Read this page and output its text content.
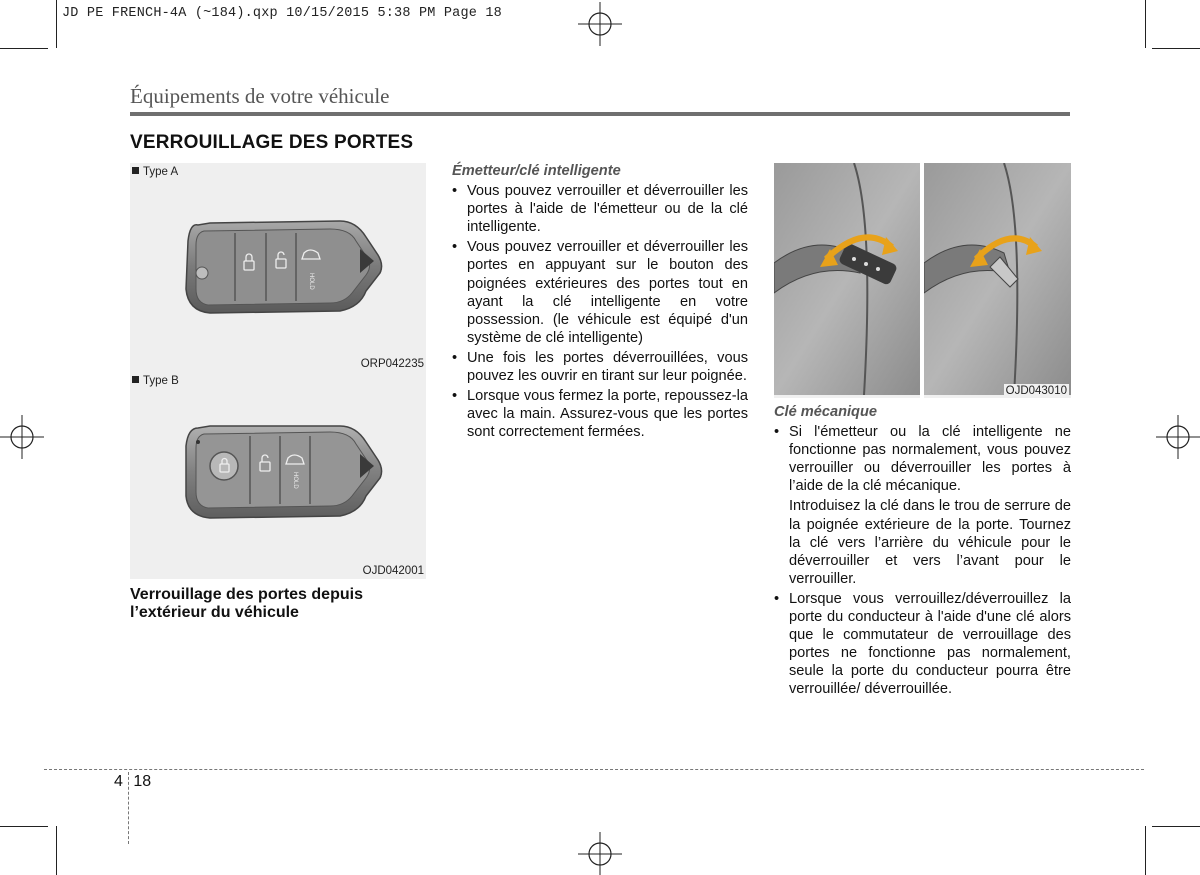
JD PE FRENCH-4A (~184).qxp 10/15/2015 5:38 PM Page 18
Équipements de votre véhicule
VERROUILLAGE DES PORTES
Type A
HOLD
ORP042235
Type B
HOLD
OJD042001
OJD043010
Verrouillage des portes depuis l’extérieur du véhicule
Émetteur/clé intelligente
• Vous pouvez verrouiller et déverrouiller les portes à l'aide de l'émetteur ou de la clé intelligente.
• Vous pouvez verrouiller et déverrouiller les portes en appuyant sur le bouton des poignées extérieures des portes tout en ayant la clé intelligente en votre possession. (le véhicule est équipé d'un système de clé intelligente)
• Une fois les portes déverrouillées, vous pouvez les ouvrir en tirant sur leur poignée.
• Lorsque vous fermez la porte, repoussez-la avec la main. Assurez-vous que les portes sont correctement fermées.
Clé mécanique
• Si l'émetteur ou la clé intelligente ne fonctionne pas normalement, vous pouvez verrouiller ou déverrouiller les portes à l’aide de la clé mécanique.
Introduisez la clé dans le trou de serrure de la poignée extérieure de la porte. Tournez la clé vers l’arrière du véhicule pour le déverrouiller et vers l’avant pour le verrouiller.
• Lorsque vous verrouillez/déverrouillez la porte du conducteur à l'aide d'une clé alors que le commutateur de verrouillage des portes ne fonctionne pas normalement, seule la porte du conducteur pourra être verrouillée/ déverrouillée.
4 18
